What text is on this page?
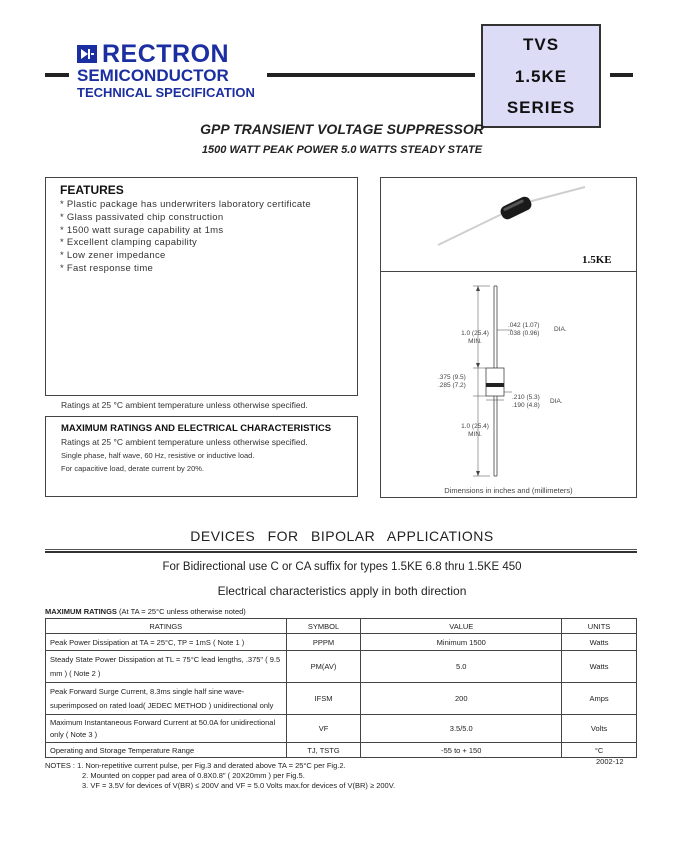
RECTRON
SEMICONDUCTOR
TECHNICAL SPECIFICATION
TVS
1.5KE
SERIES
GPP TRANSIENT VOLTAGE SUPPRESSOR
1500 WATT PEAK POWER 5.0 WATTS STEADY STATE
FEATURES
* Plastic package has underwriters laboratory certificate
* Glass passivated chip construction
* 1500 watt surage capability at 1ms
* Excellent clamping capability
* Low zener impedance
* Fast response time
Ratings at 25 °C ambient temperature unless otherwise specified.
MAXIMUM RATINGS AND ELECTRICAL CHARACTERISTICS
Ratings at 25 °C ambient temperature unless otherwise specified.
Single phase, half wave, 60 Hz, resistive or inductive load.
For capacitive load, derate current by 20%.
1.5KE
1.0 (25.4)
MIN.
.042 (1.07)
.038 (0.96)
DIA.
.375 (9.5)
.285 (7.2)
.210 (5.3)
.190 (4.8)
DIA.
1.0 (25.4)
MIN.
Dimensions in inches and (millimeters)
DEVICES FOR BIPOLAR APPLICATIONS
For Bidirectional use C or CA suffix for types 1.5KE 6.8 thru 1.5KE 450
Electrical characteristics apply in both direction
MAXIMUM RATINGS (At TA = 25°C unless otherwise noted)
RATINGS	SYMBOL	VALUE	UNITS
Peak Power Dissipation at TA = 25°C, TP = 1mS ( Note 1 )	PPPM	Minimum 1500	Watts
Steady State Power Dissipation at TL = 75°C lead lengths, .375" ( 9.5 mm ) ( Note 2 )	PM(AV)	5.0	Watts
Peak Forward Surge Current, 8.3ms single half sine wave- superimposed on rated load( JEDEC METHOD ) unidirectional only	IFSM	200	Amps
Maximum Instantaneous Forward Current at 50.0A for unidirectional only ( Note 3 )	VF	3.5/5.0	Volts
Operating and Storage Temperature Range	TJ, TSTG	-55 to + 150	°C
2002-12
NOTES : 1. Non-repetitive current pulse, per Fig.3 and derated above TA = 25°C per Fig.2.
2. Mounted on copper pad area of 0.8X0.8" ( 20X20mm ) per Fig.5.
3. VF = 3.5V for devices of V(BR) ≤ 200V and VF = 5.0 Volts max.for devices of V(BR) ≥ 200V.
